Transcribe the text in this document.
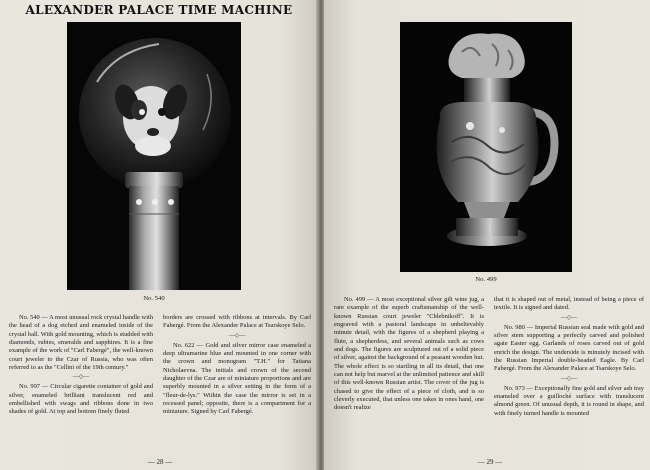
ALEXANDER PALACE TIME MACHINE
No. 540

No. 540 — A most unusual rock crystal handle with the head of a dog etched and enameled inside of the crystal ball. With gold mounting, which is studded with diamonds, rubies, emeralds and sapphires. It is a fine example of the work of "Carl Fabergé", the well-known court jeweler to the Czar of Russia, who was often referred to as the "Cellini of the 19th century."

—◇—

No. 997 — Circular cigarette container of gold and silver, enameled brilliant translucent red and embellished with swags and ribbons done in two shades of gold. At top and bottom finely fluted

borders are crossed with ribbons at intervals. By Carl Fabergé. From the Alexander Palace at Tsarskoye Selo.

—◇—

No. 622 — Gold and silver mirror case enameled a deep ultramarine blue and mounted in one corner with the crown and monogram "T.H." for Tatiana Nicholaevna. The initials and crown of the second daughter of the Czar are of miniature proportions and are superbly mounted in a silver setting in the form of a "fleur-de-lys." Within the case the mirror is set in a recessed panel; opposite, there is a compartment for a miniature. Signed by Carl Fabergé.

— 28 —
No. 499

No. 499 — A most exceptional silver gilt wine jug, a rare example of the superb craftsmanship of the well-known Russian court jeweler "Chlebnikoff". It is engraved with a pastoral landscape in unbelievably minute detail, with the figures of a shepherd playing a flute, a shepherdess, and several animals such as cows and dogs. The figures are sculptured out of a solid piece of silver, against the background of a peasant wooden hut. The whole effect is so startling in all its detail, that one can not help but marvel at the unlimited patience and skill of this well-known Russian artist. The cover of the jug is chased to give the effect of a piece of cloth, and is so cleverly executed, that unless one takes in ones hand, one doesn't realize

that it is shaped out of metal, instead of being a piece of textile. It is signed and dated.

—◇—

No. 980 — Imperial Russian seal made with gold and silver stem supporting a perfectly carved and polished agate Easter egg. Garlands of roses carved out of gold enrich the design. The underside is minutely incised with the Russian Imperial double-headed Eagle. By Carl Fabergé. From the Alexander Palace at Tsarskoye Selo.

—◇—

No. 973 — Exceptionally fine gold and silver ash tray enameled over a guilloché surface with translucent almond green. Of unusual depth, it is round in shape, and with finely turned handle is mounted

— 29 —
